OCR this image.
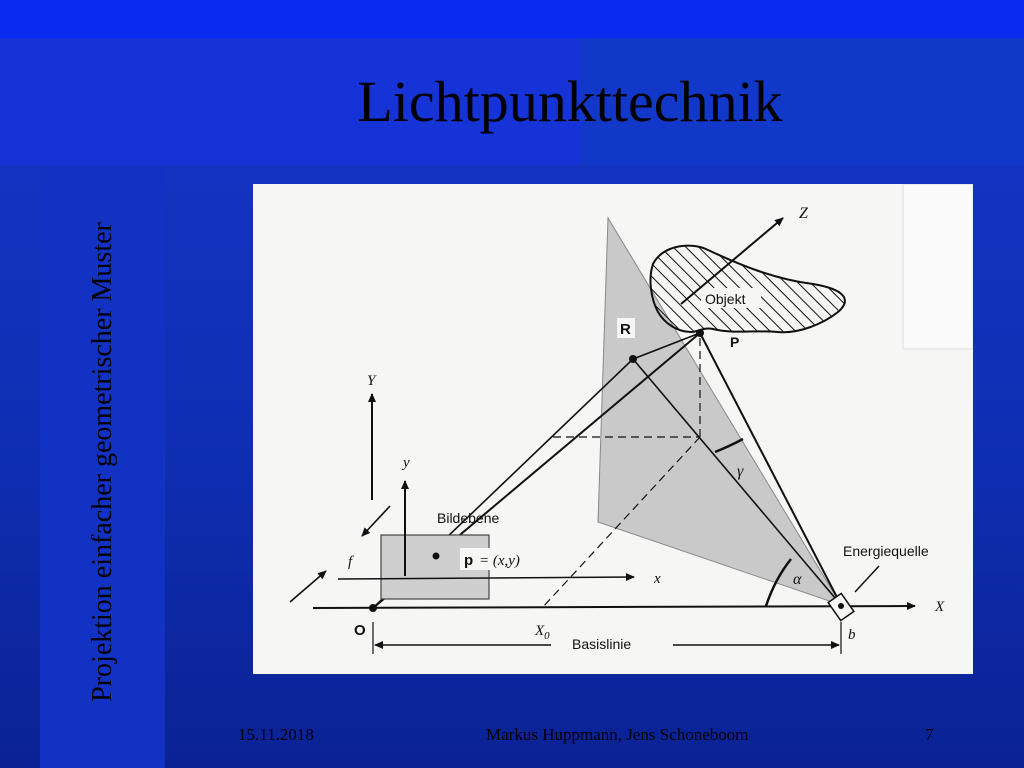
Lichtpunkttechnik
Projektion einfacher geometrischer Muster	Objekt
Z
R
P
γ
Y
Bildebene
y
x
f	p = (x,y)
X
O	$X_0$
α
Energiequelle
b
Basislinie
15.11.2018	Markus Huppmann, Jens Schoneboom	7
